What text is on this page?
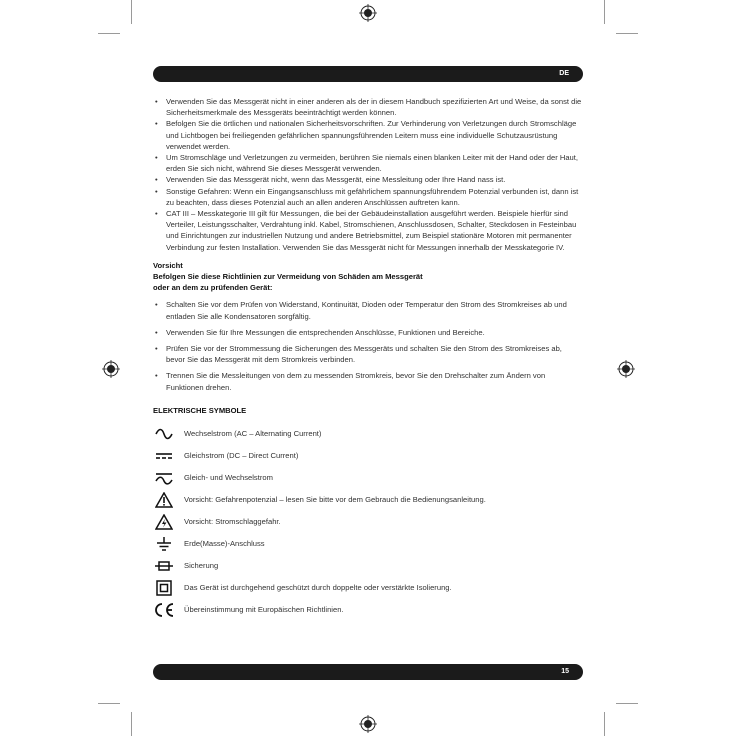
DE
• Verwenden Sie das Messgerät nicht in einer anderen als der in diesem Handbuch spezifizierten Art und Weise, da sonst die Sicherheitsmerkmale des Messgeräts beeinträchtigt werden können.
• Befolgen Sie die örtlichen und nationalen Sicherheitsvorschriften. Zur Verhinderung von Verletzungen durch Stromschläge und Lichtbogen bei freiliegenden gefährlichen spannungsführenden Leitern muss eine individuelle Schutzausrüstung verwendet werden.
• Um Stromschläge und Verletzungen zu vermeiden, berühren Sie niemals einen blanken Leiter mit der Hand oder der Haut, erden Sie sich nicht, während Sie dieses Messgerät verwenden.
• Verwenden Sie das Messgerät nicht, wenn das Messgerät, eine Messleitung oder Ihre Hand nass ist.
• Sonstige Gefahren: Wenn ein Eingangsanschluss mit gefährlichem spannungsführendem Potenzial verbunden ist, dann ist zu beachten, dass dieses Potenzial auch an allen anderen Anschlüssen auftreten kann.
• CAT III – Messkategorie III gilt für Messungen, die bei der Gebäudeinstallation ausgeführt werden. Beispiele hierfür sind Verteiler, Leistungsschalter, Verdrahtung inkl. Kabel, Stromschienen, Anschlussdosen, Schalter, Steckdosen in Festeinbau und Einrichtungen zur industriellen Nutzung und andere Betriebsmittel, zum Beispiel stationäre Motoren mit permanenter Verbindung zur festen Installation. Verwenden Sie das Messgerät nicht für Messungen innerhalb der Messkategorie IV.
Vorsicht
Befolgen Sie diese Richtlinien zur Vermeidung von Schäden am Messgerät
oder an dem zu prüfenden Gerät:
• Schalten Sie vor dem Prüfen von Widerstand, Kontinuität, Dioden oder Temperatur den Strom des Stromkreises ab und entladen Sie alle Kondensatoren sorgfältig.
• Verwenden Sie für Ihre Messungen die entsprechenden Anschlüsse, Funktionen und Bereiche.
• Prüfen Sie vor der Strommessung die Sicherungen des Messgeräts und schalten Sie den Strom des Stromkreises ab, bevor Sie das Messgerät mit dem Stromkreis verbinden.
• Trennen Sie die Messleitungen von dem zu messenden Stromkreis, bevor Sie den Drehschalter zum Ändern von Funktionen drehen.
ELEKTRISCHE SYMBOLE
Wechselstrom (AC – Alternating Current)
Gleichstrom (DC – Direct Current)
Gleich- und Wechselstrom
Vorsicht: Gefahrenpotenzial – lesen Sie bitte vor dem Gebrauch die Bedienungsanleitung.
Vorsicht: Stromschlaggefahr.
Erde(Masse)-Anschluss
Sicherung
Das Gerät ist durchgehend geschützt durch doppelte oder verstärkte Isolierung.
Übereinstimmung mit Europäischen Richtlinien.
15
